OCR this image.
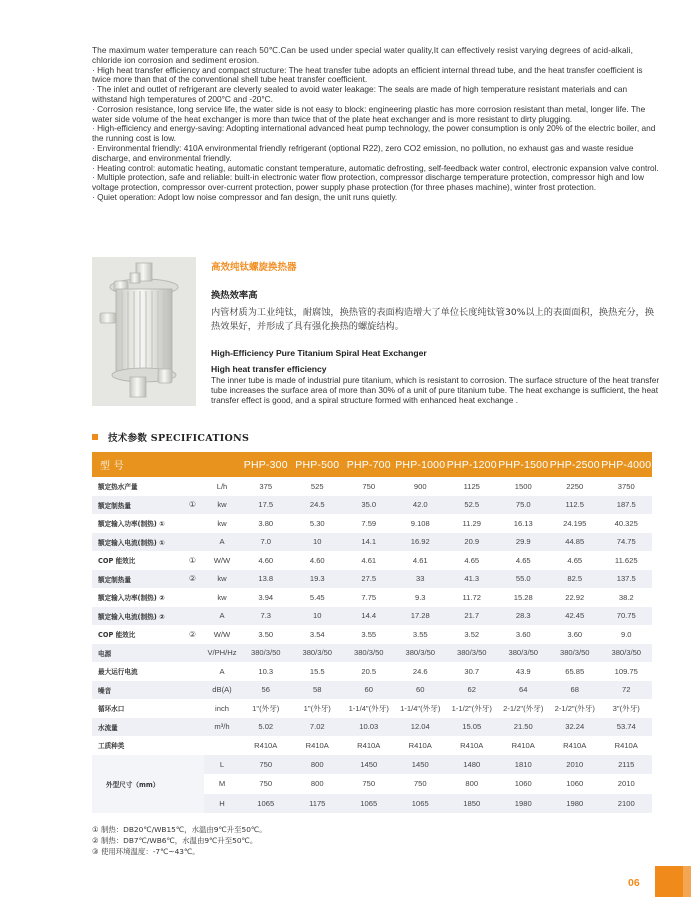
The maximum water temperature can reach 50℃.Can be used under special water quality,It can effectively resist varying degrees of acid-alkali, chloride ion corrosion and sediment erosion.

· High heat transfer efficiency and compact structure: The heat transfer tube adopts an efficient internal thread tube, and the heat transfer coefficient is twice more than that of the conventional shell tube heat transfer coefficient.

· The inlet and outlet of refrigerant are cleverly sealed to avoid water leakage: The seals are made of high temperature resistant materials and can withstand high temperatures of 200°C and -20°C.

· Corrosion resistance, long service life, the water side is not easy to block: engineering plastic has more corrosion resistant than metal, longer life. The water side volume of the heat exchanger is more than twice that of the plate heat exchanger and is more resistant to dirty plugging.

· High-efficiency and energy-saving: Adopting international advanced heat pump technology, the power consumption is only 20% of the electric boiler, and the running cost is low.

· Environmental friendly: 410A environmental friendly refrigerant (optional R22), zero CO2 emission, no pollution, no exhaust gas and waste residue discharge, and environmental friendly.

· Heating control: automatic heating, automatic constant temperature, automatic defrosting, self-feedback water control, electronic expansion valve control.

· Multiple protection, safe and reliable: built-in electronic water flow protection, compressor discharge temperature protection, compressor high and low voltage protection, compressor over-current protection, power supply phase protection (for three phases machine), winter frost protection.

· Quiet operation: Adopt low noise compressor and fan design, the unit runs quietly.

高效纯钛螺旋换热器
换热效率高
内管材质为工业纯钛，耐腐蚀，换热管的表面构造增大了单位长度纯钛管30%以上的表面面积，换热充分，换热效果好，并形成了具有强化换热的螺旋结构。
High-Efficiency Pure Titanium Spiral Heat Exchanger
High heat transfer efficiency
The inner tube is made of industrial pure titanium, which is resistant to corrosion. The surface structure of the heat transfer tube increases the surface area of more than 30% of a unit of pure titanium tube. The heat exchange is sufficient, the heat transfer effect is good, and a spiral structure formed with enhanced heat exchange .
技术参数 SPECIFICATIONS
型 号			PHP-300	PHP-500	PHP-700	PHP-1000	PHP-1200	PHP-1500	PHP-2500	PHP-4000
额定热水产量		L/h	375	525	750	900	1125	1500	2250	3750
额定制热量	①	kw	17.5	24.5	35.0	42.0	52.5	75.0	112.5	187.5
额定输入功率(制热) ①		kw	3.80	5.30	7.59	9.108	11.29	16.13	24.195	40.325
额定输入电流(制热) ①		A	7.0	10	14.1	16.92	20.9	29.9	44.85	74.75
COP 能效比	①	W/W	4.60	4.60	4.61	4.61	4.65	4.65	4.65	11.625
额定制热量	②	kw	13.8	19.3	27.5	33	41.3	55.0	82.5	137.5
额定输入功率(制热) ②		kw	3.94	5.45	7.75	9.3	11.72	15.28	22.92	38.2
额定输入电流(制热) ②		A	7.3	10	14.4	17.28	21.7	28.3	42.45	70.75
COP 能效比	②	W/W	3.50	3.54	3.55	3.55	3.52	3.60	3.60	9.0
电源		V/PH/Hz	380/3/50	380/3/50	380/3/50	380/3/50	380/3/50	380/3/50	380/3/50	380/3/50
最大运行电流		A	10.3	15.5	20.5	24.6	30.7	43.9	65.85	109.75
噪音		dB(A)	56	58	60	60	62	64	68	72
循环水口		inch	1"(外牙)	1"(外牙)	1-1/4"(外牙)	1-1/4"(外牙)	1-1/2"(外牙)	2-1/2"(外牙)	2-1/2"(外牙)	3"(外牙)
水流量		m³/h	5.02	7.02	10.03	12.04	15.05	21.50	32.24	53.74
工质种类			R410A	R410A	R410A	R410A	R410A	R410A	R410A	R410A
外型尺寸（mm）		L	750	800	1450	1450	1480	1810	2010	2115
		M	750	800	750	750	800	1060	1060	2010
		H	1065	1175	1065	1065	1850	1980	1980	2100
① 制热：DB20℃/WB15℃，水温由9℃升至50℃。
② 制热：DB7℃/WB6℃，水温由9℃升至50℃。
③ 使用环境温度：-7℃~43℃。
06
